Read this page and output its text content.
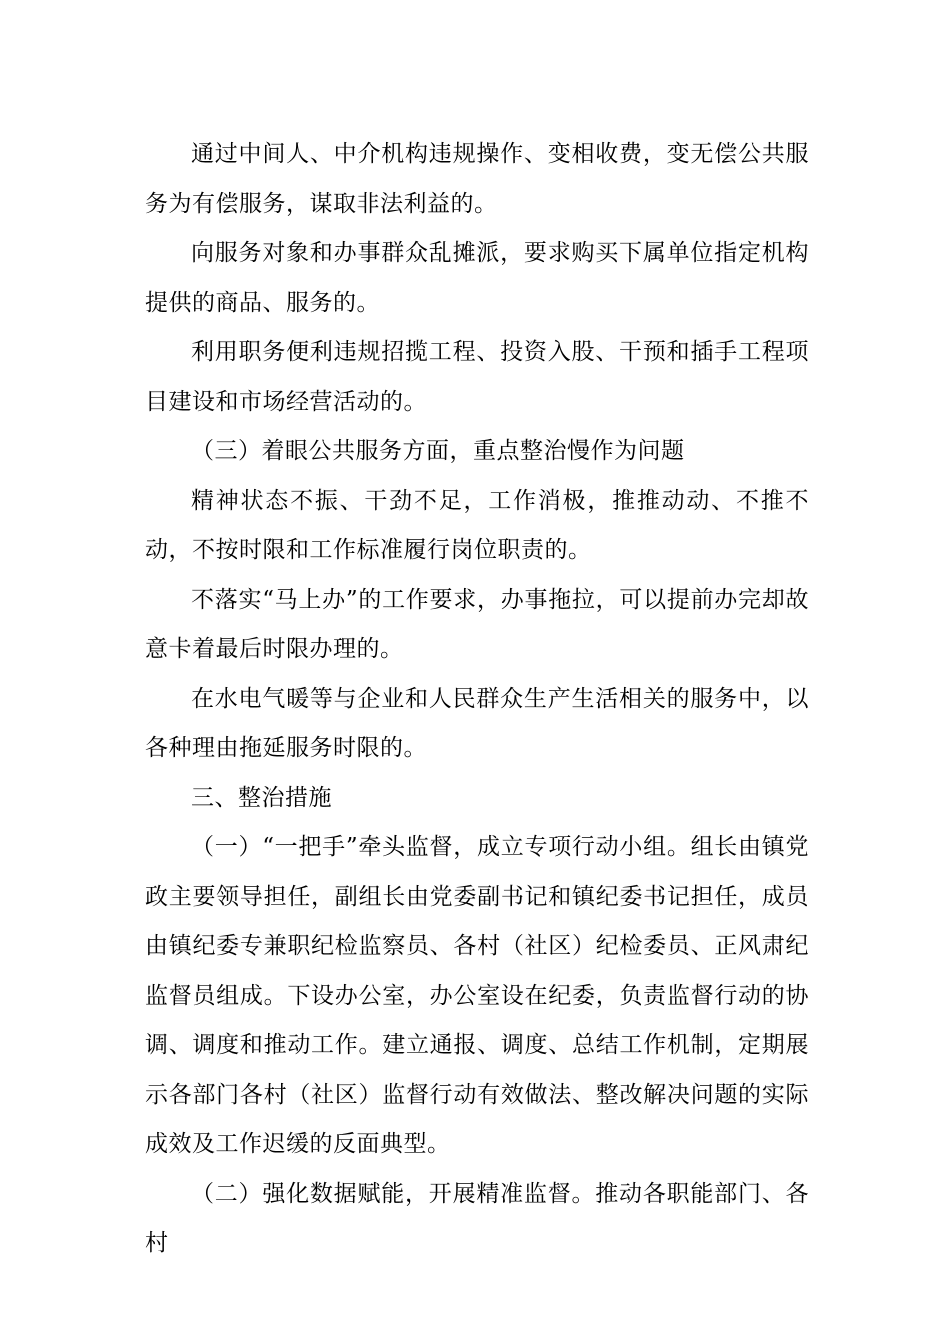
通过中间人、中介机构违规操作、变相收费，变无偿公共服务为有偿服务，谋取非法利益的。

向服务对象和办事群众乱摊派，要求购买下属单位指定机构提供的商品、服务的。

利用职务便利违规招揽工程、投资入股、干预和插手工程项目建设和市场经营活动的。

（三）着眼公共服务方面，重点整治慢作为问题

精神状态不振、干劲不足，工作消极，推推动动、不推不动，不按时限和工作标准履行岗位职责的。

不落实“马上办”的工作要求，办事拖拉，可以提前办完却故意卡着最后时限办理的。

在水电气暖等与企业和人民群众生产生活相关的服务中，以各种理由拖延服务时限的。

三、整治措施

（一）“一把手”牵头监督，成立专项行动小组。组长由镇党政主要领导担任，副组长由党委副书记和镇纪委书记担任，成员由镇纪委专兼职纪检监察员、各村（社区）纪检委员、正风肃纪监督员组成。下设办公室，办公室设在纪委，负责监督行动的协调、调度和推动工作。建立通报、调度、总结工作机制，定期展示各部门各村（社区）监督行动有效做法、整改解决问题的实际成效及工作迟缓的反面典型。

（二）强化数据赋能，开展精准监督。推动各职能部门、各村
